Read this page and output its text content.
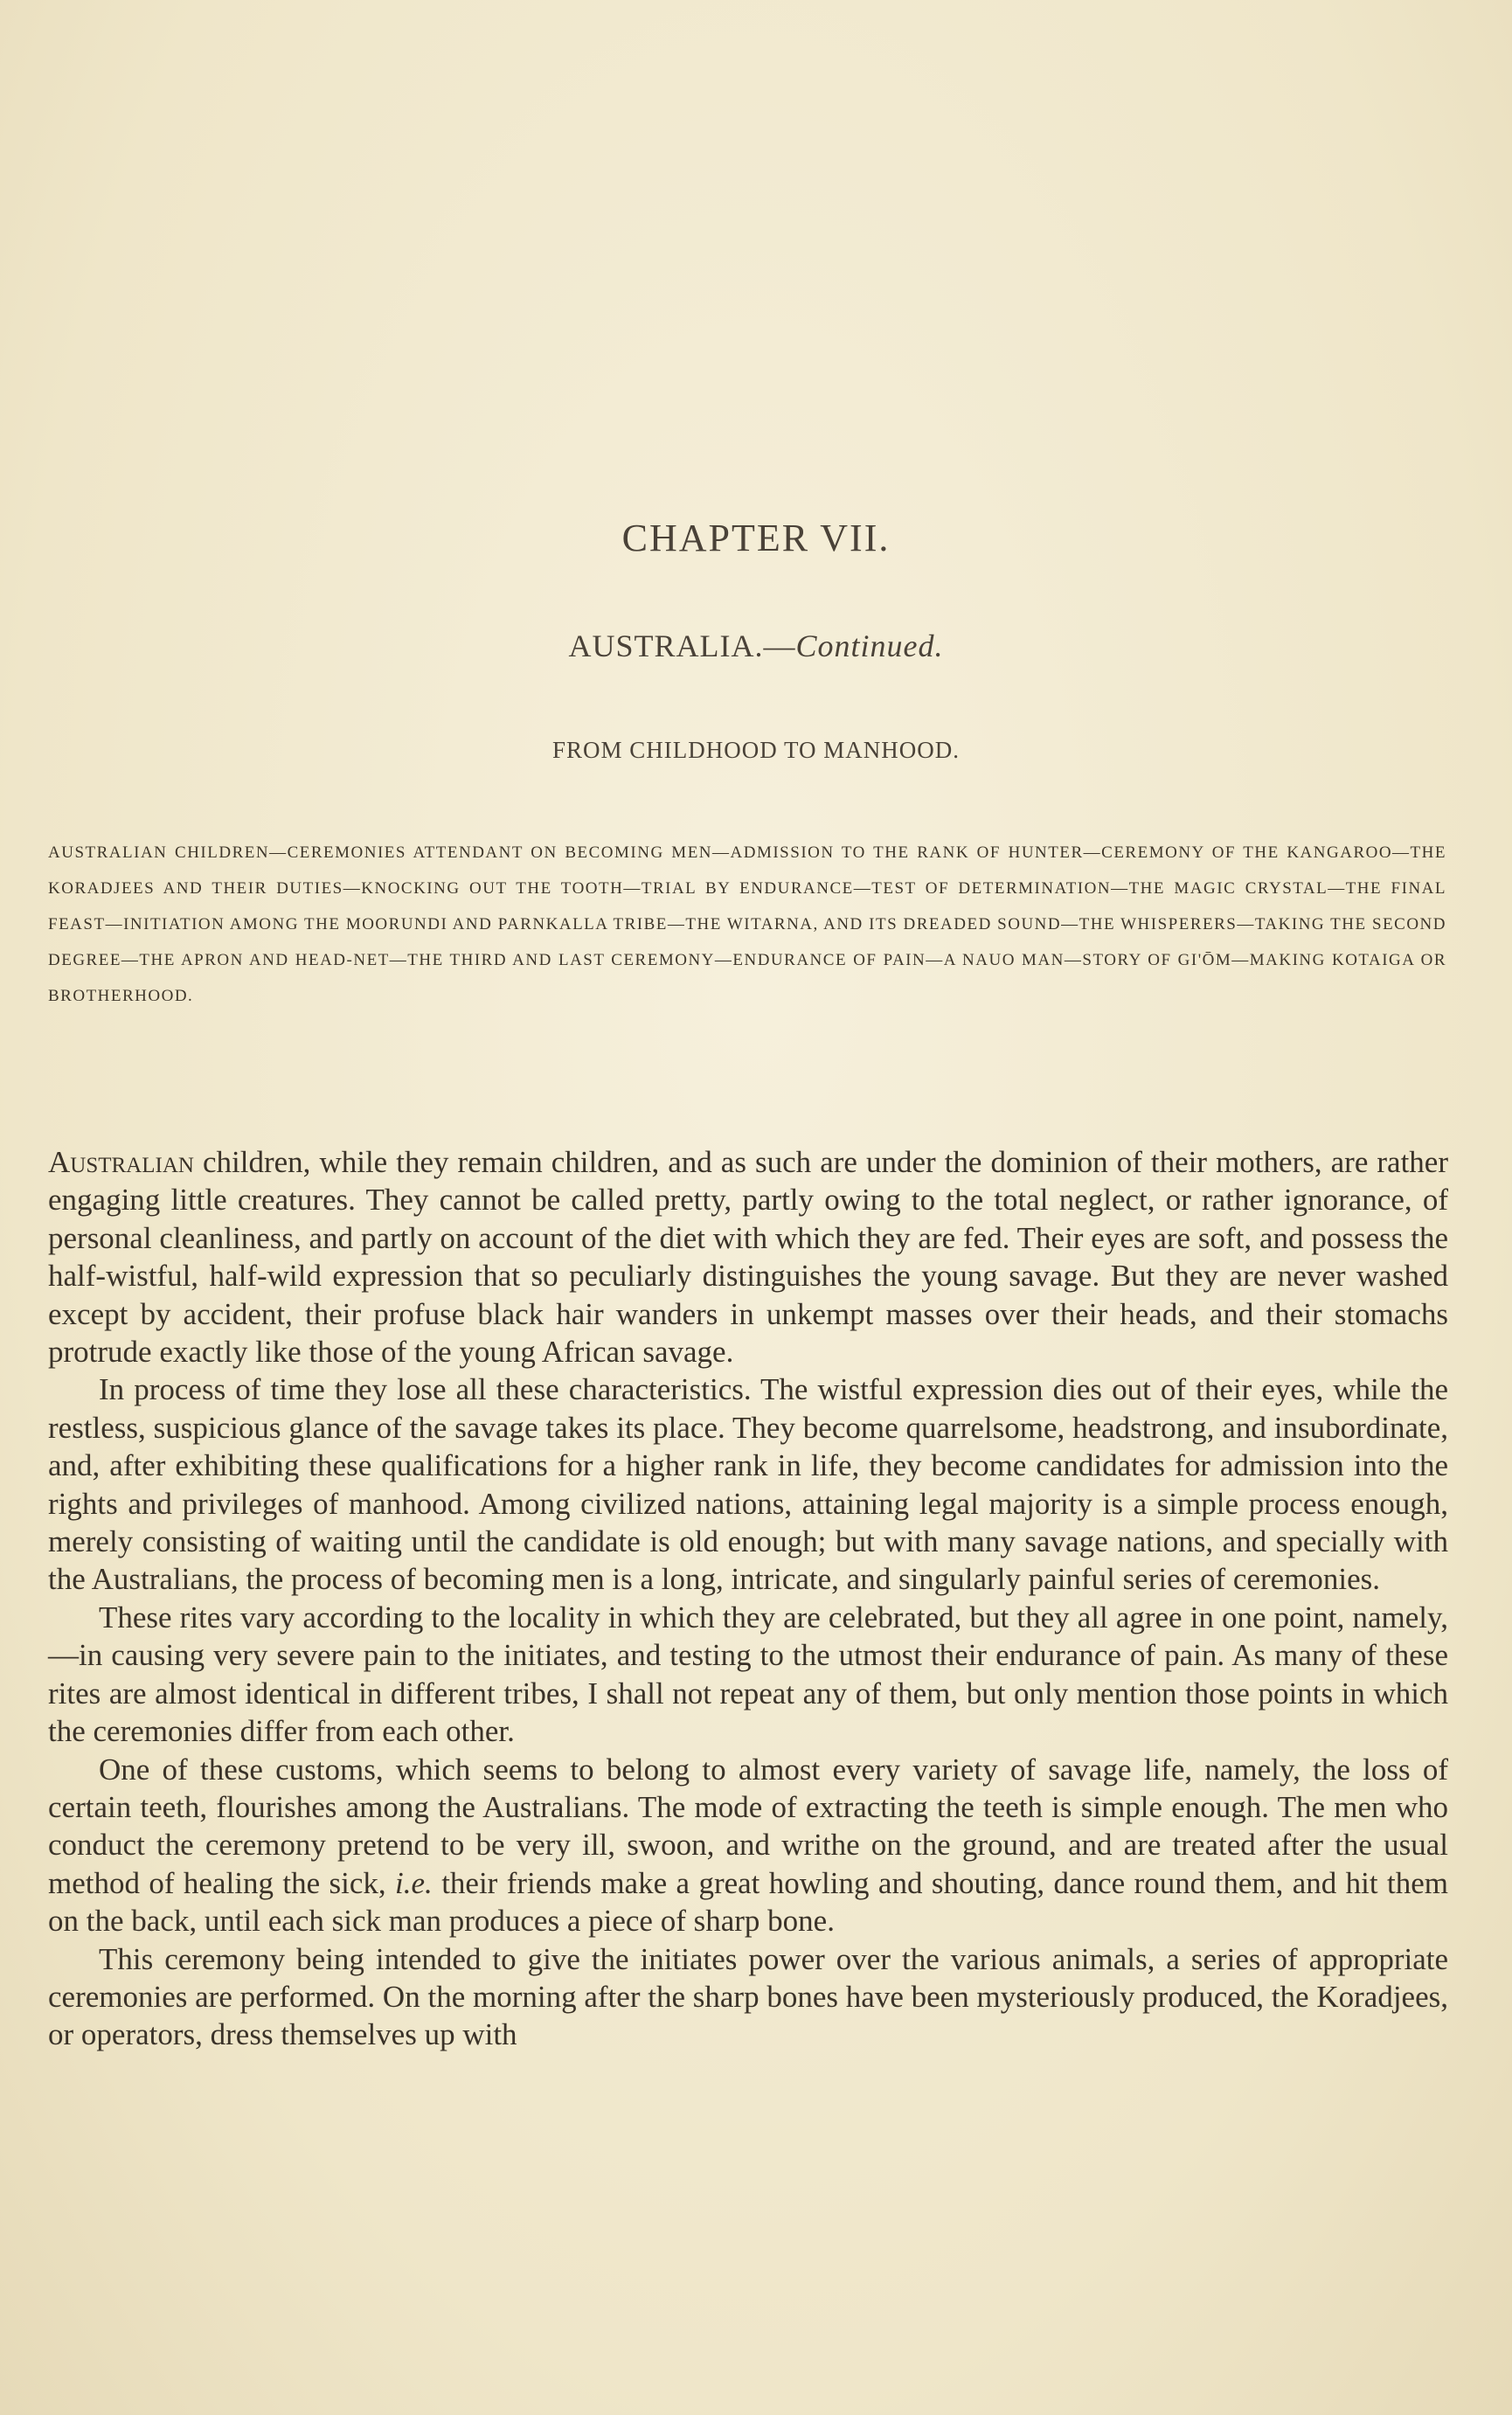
CHAPTER VII.
AUSTRALIA.—Continued.
FROM CHILDHOOD TO MANHOOD.
AUSTRALIAN CHILDREN—CEREMONIES ATTENDANT ON BECOMING MEN—ADMISSION TO THE RANK OF HUNTER—CEREMONY OF THE KANGAROO—THE KORADJEES AND THEIR DUTIES—KNOCKING OUT THE TOOTH—TRIAL BY ENDURANCE—TEST OF DETERMINATION—THE MAGIC CRYSTAL—THE FINAL FEAST—INITIATION AMONG THE MOORUNDI AND PARNKALLA TRIBE—THE WITARNA, AND ITS DREADED SOUND—THE WHISPERERS—TAKING THE SECOND DEGREE—THE APRON AND HEAD-NET—THE THIRD AND LAST CEREMONY—ENDURANCE OF PAIN—A NAUO MAN—STORY OF GI'ŌM—MAKING KOTAIGA OR BROTHERHOOD.

Australian children, while they remain children, and as such are under the dominion of their mothers, are rather engaging little creatures. They cannot be called pretty, partly owing to the total neglect, or rather ignorance, of personal cleanliness, and partly on account of the diet with which they are fed. Their eyes are soft, and possess the half-wistful, half-wild expression that so peculiarly distinguishes the young savage. But they are never washed except by accident, their profuse black hair wanders in unkempt masses over their heads, and their stomachs protrude exactly like those of the young African savage.

In process of time they lose all these characteristics. The wistful expression dies out of their eyes, while the restless, suspicious glance of the savage takes its place. They become quarrelsome, headstrong, and insubordinate, and, after exhibiting these qualifications for a higher rank in life, they become candidates for admission into the rights and privileges of manhood. Among civilized nations, attaining legal majority is a simple process enough, merely consisting of waiting until the candidate is old enough; but with many savage nations, and specially with the Australians, the process of becoming men is a long, intricate, and singularly painful series of ceremonies.

These rites vary according to the locality in which they are celebrated, but they all agree in one point, namely,—in causing very severe pain to the initiates, and testing to the utmost their endurance of pain. As many of these rites are almost identical in different tribes, I shall not repeat any of them, but only mention those points in which the ceremonies differ from each other.

One of these customs, which seems to belong to almost every variety of savage life, namely, the loss of certain teeth, flourishes among the Australians. The mode of extracting the teeth is simple enough. The men who conduct the ceremony pretend to be very ill, swoon, and writhe on the ground, and are treated after the usual method of healing the sick, i.e. their friends make a great howling and shouting, dance round them, and hit them on the back, until each sick man produces a piece of sharp bone.

This ceremony being intended to give the initiates power over the various animals, a series of appropriate ceremonies are performed. On the morning after the sharp bones have been mysteriously produced, the Koradjees, or operators, dress themselves up with
